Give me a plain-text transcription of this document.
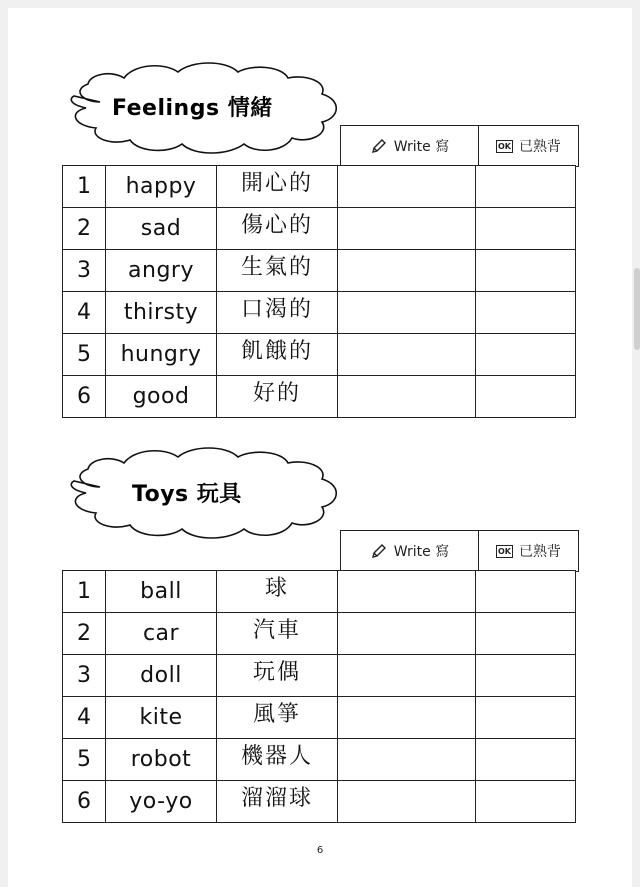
Feelings 情緒
Write 寫	OK 已熟背
1	happy	開心的		
2	sad	傷心的		
3	angry	生氣的		
4	thirsty	口渴的		
5	hungry	飢餓的		
6	good	好的		
Toys 玩具
Write 寫	OK 已熟背
1	ball	球		
2	car	汽車		
3	doll	玩偶		
4	kite	風箏		
5	robot	機器人		
6	yo-yo	溜溜球		
6
